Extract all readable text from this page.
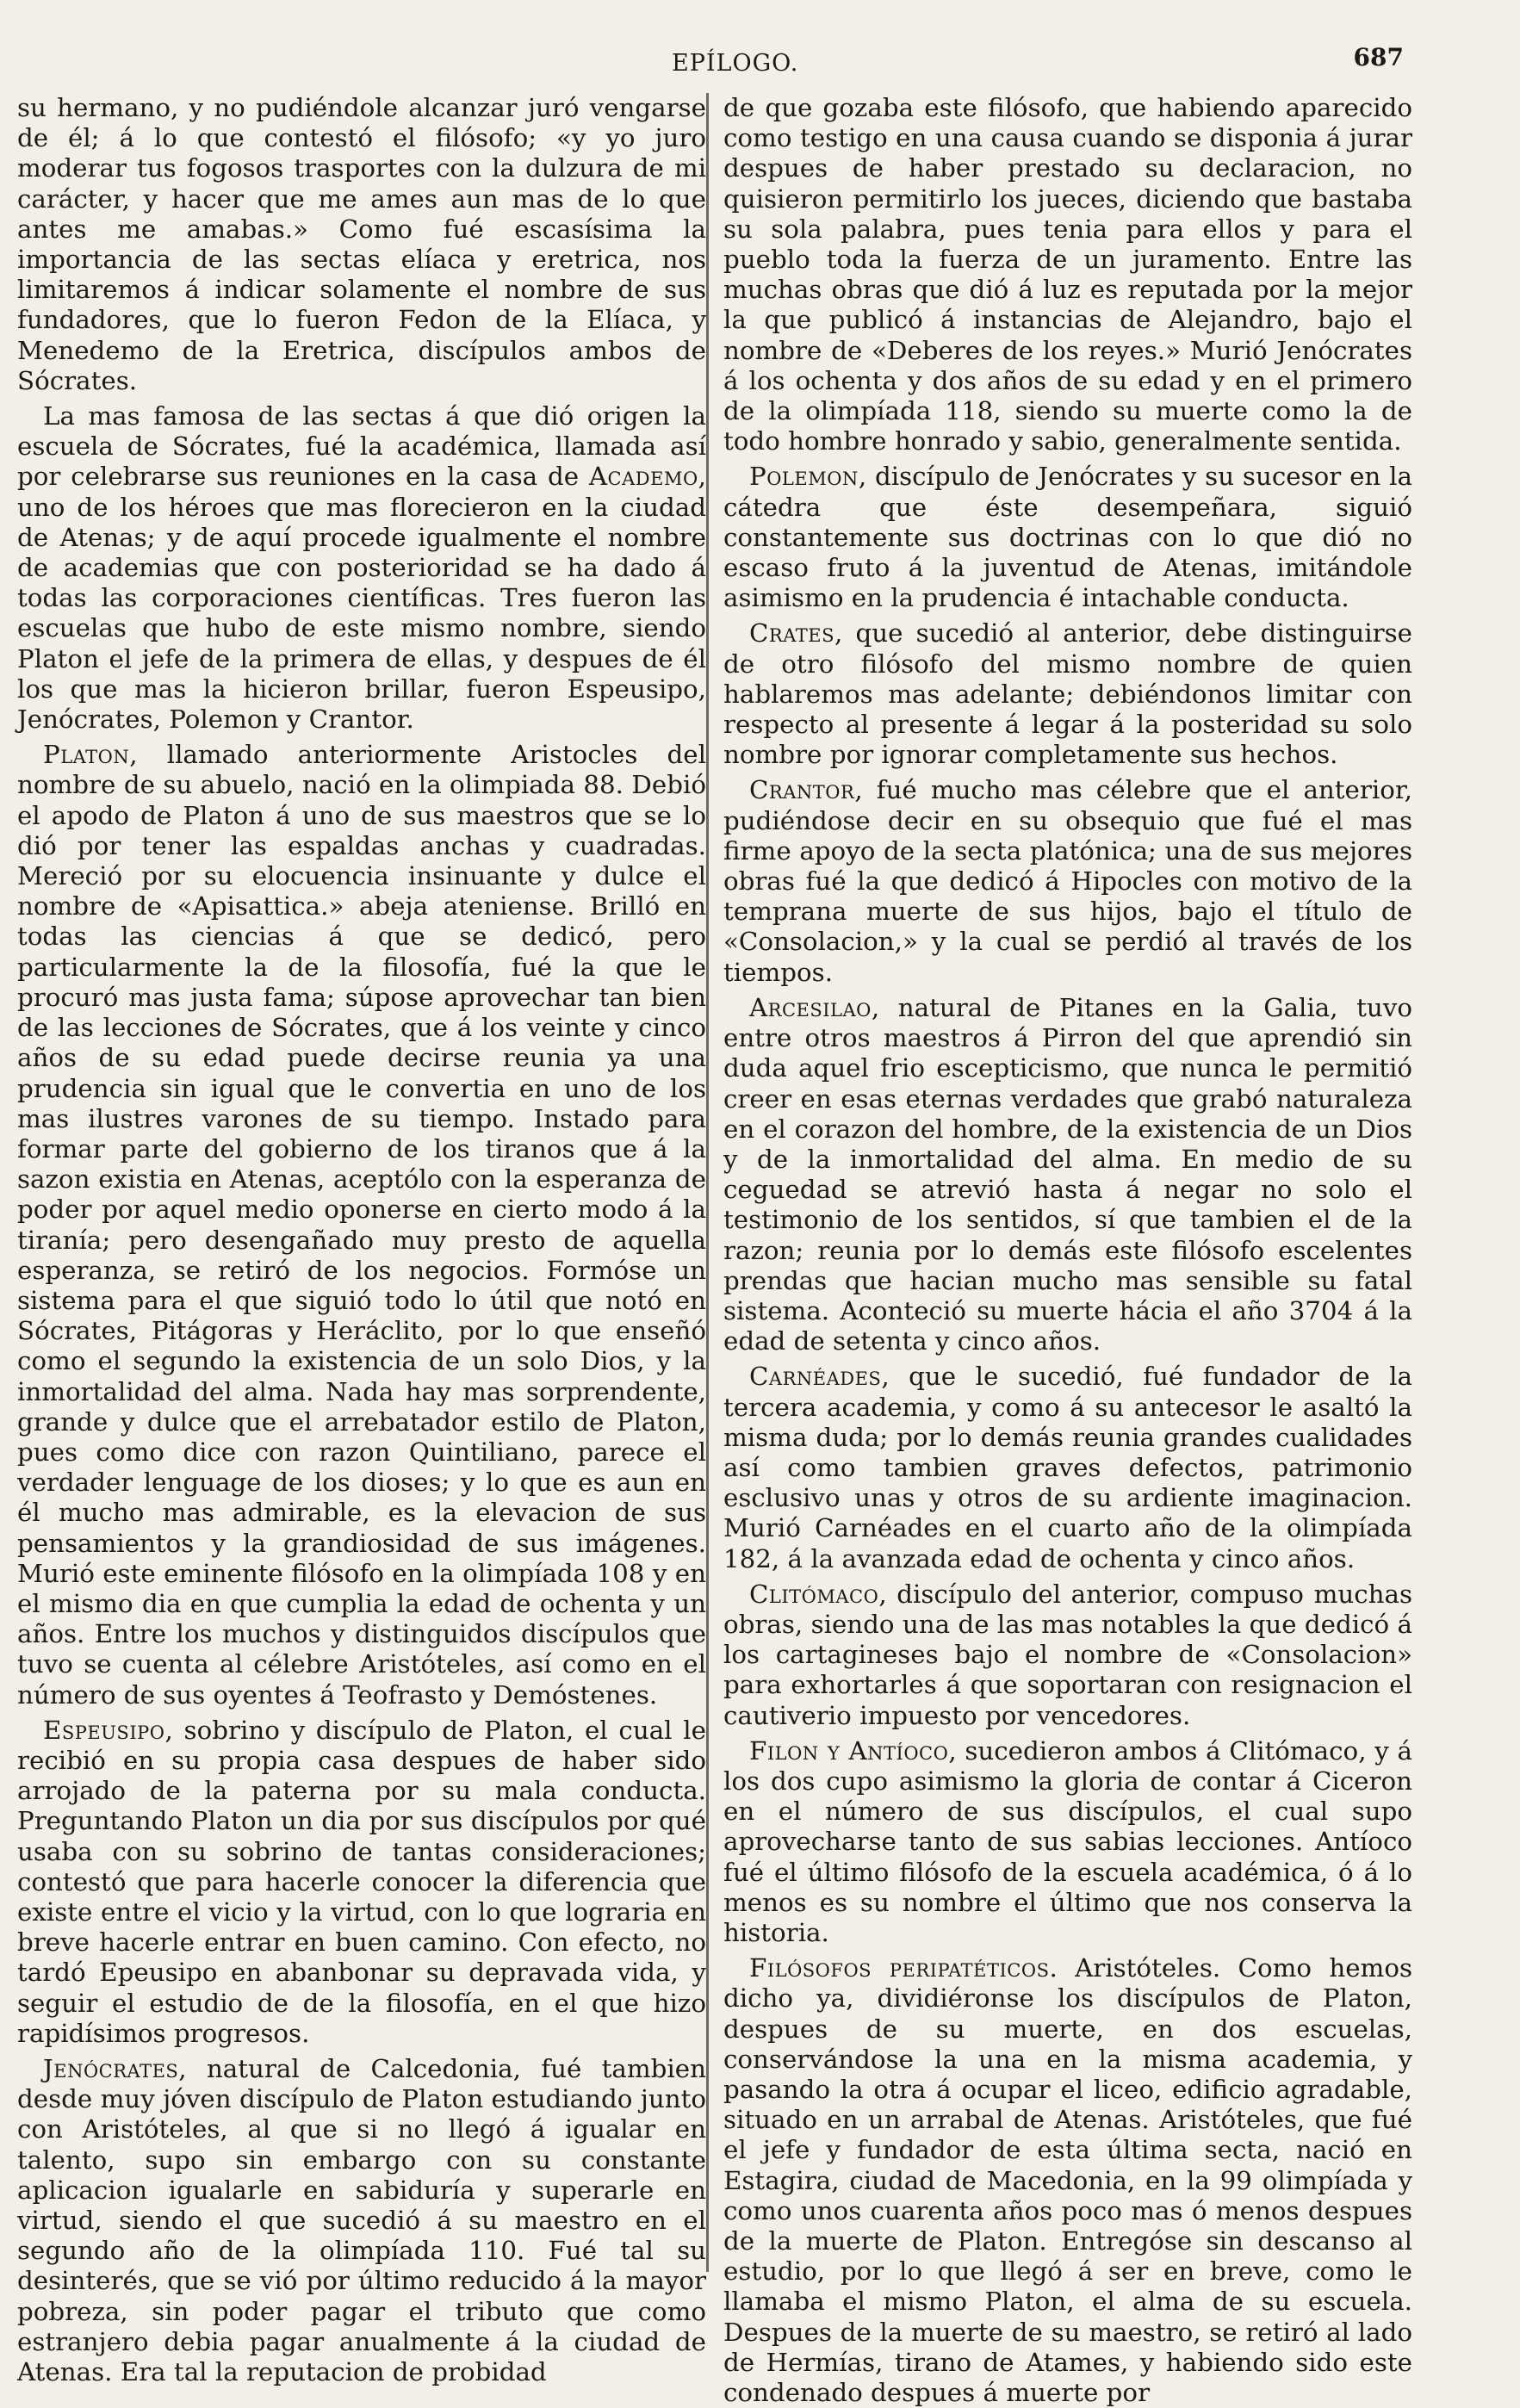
EPÍLOGO.	687

su hermano, y no pudiéndole alcanzar juró vengarse de él; á lo que contestó el filósofo; «y yo juro moderar tus fogosos trasportes con la dulzura de mi carácter, y hacer que me ames aun mas de lo que antes me amabas.» Como fué escasísima la importancia de las sectas elíaca y eretrica, nos limitaremos á indicar solamente el nombre de sus fundadores, que lo fueron Fedon de la Elíaca, y Menedemo de la Eretrica, discípulos ambos de Sócrates.

La mas famosa de las sectas á que dió origen la escuela de Sócrates, fué la académica, llamada así por celebrarse sus reuniones en la casa de Academo, uno de los héroes que mas florecieron en la ciudad de Atenas; y de aquí procede igualmente el nombre de academias que con posterioridad se ha dado á todas las corporaciones científicas. Tres fueron las escuelas que hubo de este mismo nombre, siendo Platon el jefe de la primera de ellas, y despues de él los que mas la hicieron brillar, fueron Espeusipo, Jenócrates, Polemon y Crantor.

Platon, llamado anteriormente Aristocles del nombre de su abuelo, nació en la olimpiada 88. Debió el apodo de Platon á uno de sus maestros que se lo dió por tener las espaldas anchas y cuadradas. Mereció por su elocuencia insinuante y dulce el nombre de «Apisattica.» abeja ateniense. Brilló en todas las ciencias á que se dedicó, pero particularmente la de la filosofía, fué la que le procuró mas justa fama; súpose aprovechar tan bien de las lecciones de Sócrates, que á los veinte y cinco años de su edad puede decirse reunia ya una prudencia sin igual que le convertia en uno de los mas ilustres varones de su tiempo. Instado para formar parte del gobierno de los tiranos que á la sazon existia en Atenas, aceptólo con la esperanza de poder por aquel medio oponerse en cierto modo á la tiranía; pero desengañado muy presto de aquella esperanza, se retiró de los negocios. Formóse un sistema para el que siguió todo lo útil que notó en Sócrates, Pitágoras y Heráclito, por lo que enseñó como el segundo la existencia de un solo Dios, y la inmortalidad del alma. Nada hay mas sorprendente, grande y dulce que el arrebatador estilo de Platon, pues como dice con razon Quintiliano, parece el verdader lenguage de los dioses; y lo que es aun en él mucho mas admirable, es la elevacion de sus pensamientos y la grandiosidad de sus imágenes. Murió este eminente filósofo en la olimpíada 108 y en el mismo dia en que cumplia la edad de ochenta y un años. Entre los muchos y distinguidos discípulos que tuvo se cuenta al célebre Aristóteles, así como en el número de sus oyentes á Teofrasto y Demóstenes.

Espeusipo, sobrino y discípulo de Platon, el cual le recibió en su propia casa despues de haber sido arrojado de la paterna por su mala conducta. Preguntando Platon un dia por sus discípulos por qué usaba con su sobrino de tantas consideraciones; contestó que para hacerle conocer la diferencia que existe entre el vicio y la virtud, con lo que lograria en breve hacerle entrar en buen camino. Con efecto, no tardó Epeusipo en abanbonar su depravada vida, y seguir el estudio de de la filosofía, en el que hizo rapidísimos progresos.

Jenócrates, natural de Calcedonia, fué tambien desde muy jóven discípulo de Platon estudiando junto con Aristóteles, al que si no llegó á igualar en talento, supo sin embargo con su constante aplicacion igualarle en sabiduría y superarle en virtud, siendo el que sucedió á su maestro en el segundo año de la olimpíada 110. Fué tal su desinterés, que se vió por último reducido á la mayor pobreza, sin poder pagar el tributo que como estranjero debia pagar anualmente á la ciudad de Atenas. Era tal la reputacion de probidad

de que gozaba este filósofo, que habiendo aparecido como testigo en una causa cuando se disponia á jurar despues de haber prestado su declaracion, no quisieron permitirlo los jueces, diciendo que bastaba su sola palabra, pues tenia para ellos y para el pueblo toda la fuerza de un juramento. Entre las muchas obras que dió á luz es reputada por la mejor la que publicó á instancias de Alejandro, bajo el nombre de «Deberes de los reyes.» Murió Jenócrates á los ochenta y dos años de su edad y en el primero de la olimpíada 118, siendo su muerte como la de todo hombre honrado y sabio, generalmente sentida.

Polemon, discípulo de Jenócrates y su sucesor en la cátedra que éste desempeñara, siguió constantemente sus doctrinas con lo que dió no escaso fruto á la juventud de Atenas, imitándole asimismo en la prudencia é intachable conducta.

Crates, que sucedió al anterior, debe distinguirse de otro filósofo del mismo nombre de quien hablaremos mas adelante; debiéndonos limitar con respecto al presente á legar á la posteridad su solo nombre por ignorar completamente sus hechos.

Crantor, fué mucho mas célebre que el anterior, pudiéndose decir en su obsequio que fué el mas firme apoyo de la secta platónica; una de sus mejores obras fué la que dedicó á Hipocles con motivo de la temprana muerte de sus hijos, bajo el título de «Consolacion,» y la cual se perdió al través de los tiempos.

Arcesilao, natural de Pitanes en la Galia, tuvo entre otros maestros á Pirron del que aprendió sin duda aquel frio escepticismo, que nunca le permitió creer en esas eternas verdades que grabó naturaleza en el corazon del hombre, de la existencia de un Dios y de la inmortalidad del alma. En medio de su ceguedad se atrevió hasta á negar no solo el testimonio de los sentidos, sí que tambien el de la razon; reunia por lo demás este filósofo escelentes prendas que hacian mucho mas sensible su fatal sistema. Aconteció su muerte hácia el año 3704 á la edad de setenta y cinco años.

Carnéades, que le sucedió, fué fundador de la tercera academia, y como á su antecesor le asaltó la misma duda; por lo demás reunia grandes cualidades así como tambien graves defectos, patrimonio esclusivo unas y otros de su ardiente imaginacion. Murió Carnéades en el cuarto año de la olimpíada 182, á la avanzada edad de ochenta y cinco años.

Clitómaco, discípulo del anterior, compuso muchas obras, siendo una de las mas notables la que dedicó á los cartagineses bajo el nombre de «Consolacion» para exhortarles á que soportaran con resignacion el cautiverio impuesto por vencedores.

Filon y Antíoco, sucedieron ambos á Clitómaco, y á los dos cupo asimismo la gloria de contar á Ciceron en el número de sus discípulos, el cual supo aprovecharse tanto de sus sabias lecciones. Antíoco fué el último filósofo de la escuela académica, ó á lo menos es su nombre el último que nos conserva la historia.

Filósofos peripatéticos. Aristóteles. Como hemos dicho ya, dividiéronse los discípulos de Platon, despues de su muerte, en dos escuelas, conservándose la una en la misma academia, y pasando la otra á ocupar el liceo, edificio agradable, situado en un arrabal de Atenas. Aristóteles, que fué el jefe y fundador de esta última secta, nació en Estagira, ciudad de Macedonia, en la 99 olimpíada y como unos cuarenta años poco mas ó menos despues de la muerte de Platon. Entregóse sin descanso al estudio, por lo que llegó á ser en breve, como le llamaba el mismo Platon, el alma de su escuela. Despues de la muerte de su maestro, se retiró al lado de Hermías, tirano de Atames, y habiendo sido este condenado despues á muerte por
